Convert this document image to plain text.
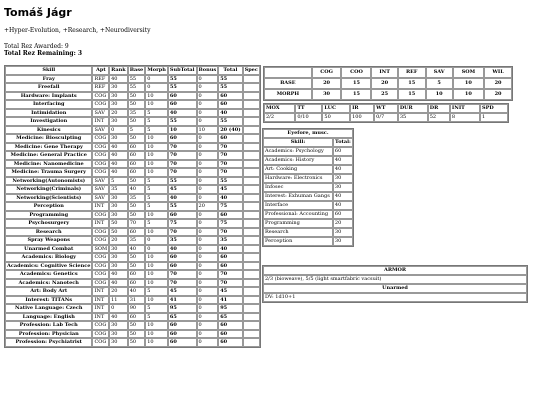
Tomáš Jágr
+Hyper-Evolution, +Research, +Neurodiversity
Total Rez Awarded: 9
Total Rez Remaining: 3
Skill	Apt	Rank	Base	Morph	SubTotal	Bonus	Total	Spec
Fray	REF	40	55	0	55	0	55	
Freefall	REF	30	55	0	55	0	55	
Hardware: Implants	COG	30	50	10	60	0	60	
Interfacing	COG	30	50	10	60	0	60	
Intimidation	SAV	20	35	5	40	0	40	
Investigation	INT	30	50	5	55	0	55	
Kinesics	SAV	0	5	5	10	10	20 (40)	
Medicine: Biosculpting	COG	30	50	10	60	0	60	
Medicine: Gene Therapy	COG	40	60	10	70	0	70	
Medicine: General Practice	COG	40	60	10	70	0	70	
Medicine: Nanomedicine	COG	40	60	10	70	0	70	
Medicine: Trauma Surgery	COG	40	60	10	70	0	70	
Networking(Autonomists)	SAV	5	50	5	55	0	55	
Networking(Criminals)	SAV	35	40	5	45	0	45	
Networking(Scientists)	SAV	30	35	5	40	0	40	
Perception	INT	30	50	5	55	20	75	
Programming	COG	30	50	10	60	0	60	
Psychosurgery	INT	50	70	5	75	0	75	
Research	COG	50	60	10	70	0	70	
Spray Weapons	COG	20	35	0	35	0	35	
Unarmed Combat	SOM	30	40	0	40	0	40	
Academics: Biology	COG	30	50	10	60	0	60	
Academics: Cognitive Science	COG	30	50	10	60	0	60	
Academics: Genetics	COG	40	60	10	70	0	70	
Academics: Nanotech	COG	40	60	10	70	0	70	
Art: Body Art	INT	20	40	5	45	0	45	
Interest: TITANs	INT	11	31	10	41	0	41	
Native Language: Czech	INT	0	90	5	95	0	95	
Language: English	INT	40	60	5	65	0	65	
Profession: Lab Tech	COG	30	50	10	60	0	60	
Profession: Physician	COG	30	50	10	60	0	60	
Profession: Psychiatrist	COG	30	50	10	60	0	60	
	COG	COO	INT	REF	SAV	SOM	WIL
BASE	20	15	20	15	5	10	20
MORPH	30	15	25	15	10	10	20
MOX	TT	LUC	IR	WT	DUR	DR	INIT	SPD
2/2	0/10	50	100	0/7	35	52	8	1
Eyefore, musc.	
Skill:	Total:
Academics: Psychology	60
Academics: History	40
Art: Cooking	40
Hardware: Electronics	30
Infosec	30
Interest: Exhuman Gangs	40
Interface	40
Professional: Accounting	60
Programming	20
Research	30
Perception	30
ARMOR
2/3 (bioweave), 5/5 (light smartfabric vacsuit)
Unarmed
DV: 1d10+1
